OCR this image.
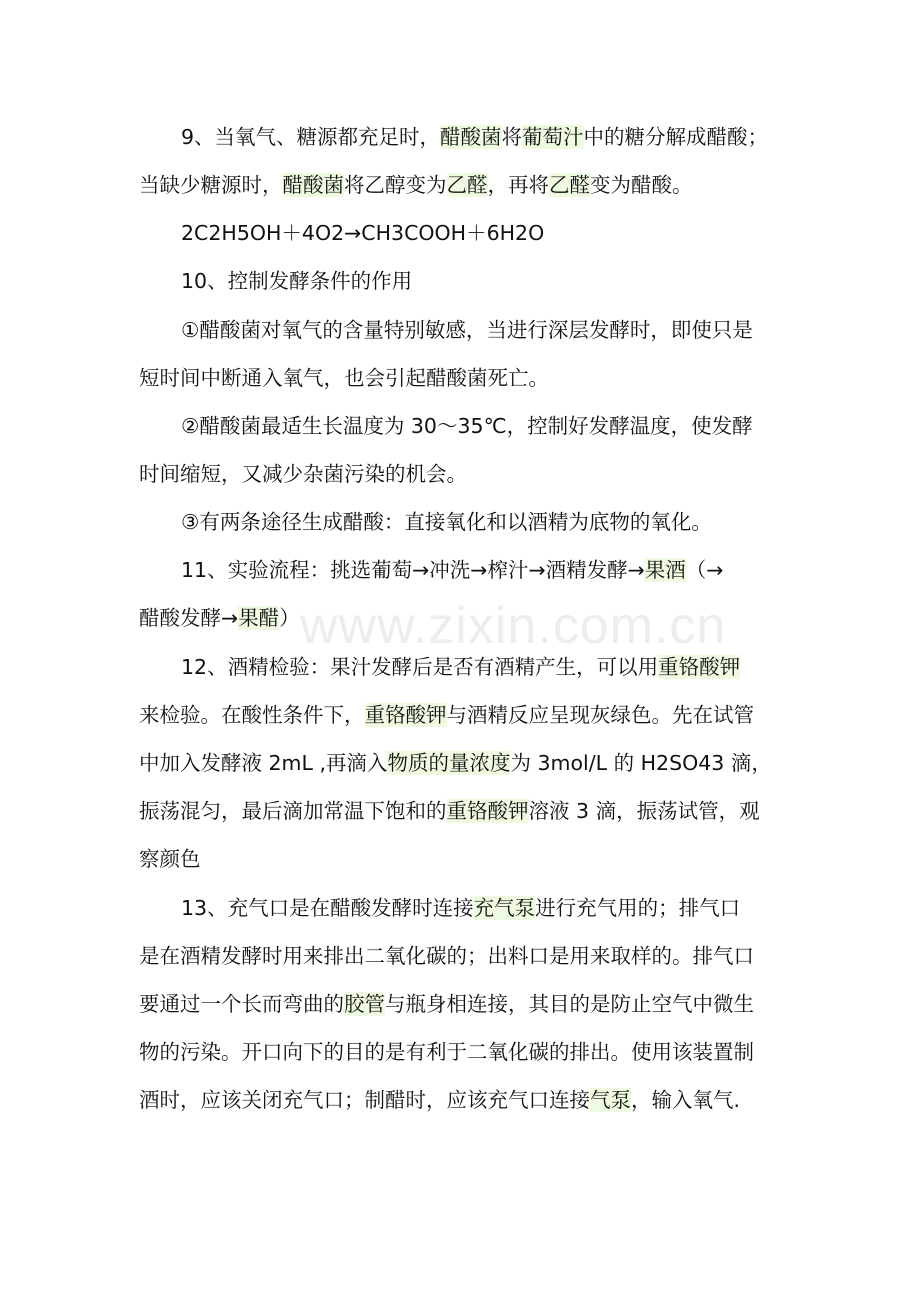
www.zixin.com.cn

9、当氧气、糖源都充足时，醋酸菌将葡萄汁中的糖分解成醋酸；
当缺少糖源时，醋酸菌将乙醇变为乙醛，再将乙醛变为醋酸。

2C2H5OH＋4O2→CH3COOH＋6H2O

10、控制发酵条件的作用

①醋酸菌对氧气的含量特别敏感，当进行深层发酵时，即使只是
短时间中断通入氧气，也会引起醋酸菌死亡。

②醋酸菌最适生长温度为 30～35℃，控制好发酵温度，使发酵
时间缩短，又减少杂菌污染的机会。

③有两条途径生成醋酸：直接氧化和以酒精为底物的氧化。

11、实验流程：挑选葡萄→冲洗→榨汁→酒精发酵→果酒（→
醋酸发酵→果醋）

12、酒精检验：果汁发酵后是否有酒精产生，可以用重铬酸钾
来检验。在酸性条件下，重铬酸钾与酒精反应呈现灰绿色。先在试管
中加入发酵液 2mL ,再滴入物质的量浓度为 3mol/L 的 H2SO43 滴，
振荡混匀，最后滴加常温下饱和的重铬酸钾溶液 3 滴，振荡试管，观
察颜色

13、充气口是在醋酸发酵时连接充气泵进行充气用的；排气口
是在酒精发酵时用来排出二氧化碳的；出料口是用来取样的。排气口
要通过一个长而弯曲的胶管与瓶身相连接，其目的是防止空气中微生
物的污染。开口向下的目的是有利于二氧化碳的排出。使用该装置制
酒时，应该关闭充气口；制醋时，应该充气口连接气泵，输入氧气.
